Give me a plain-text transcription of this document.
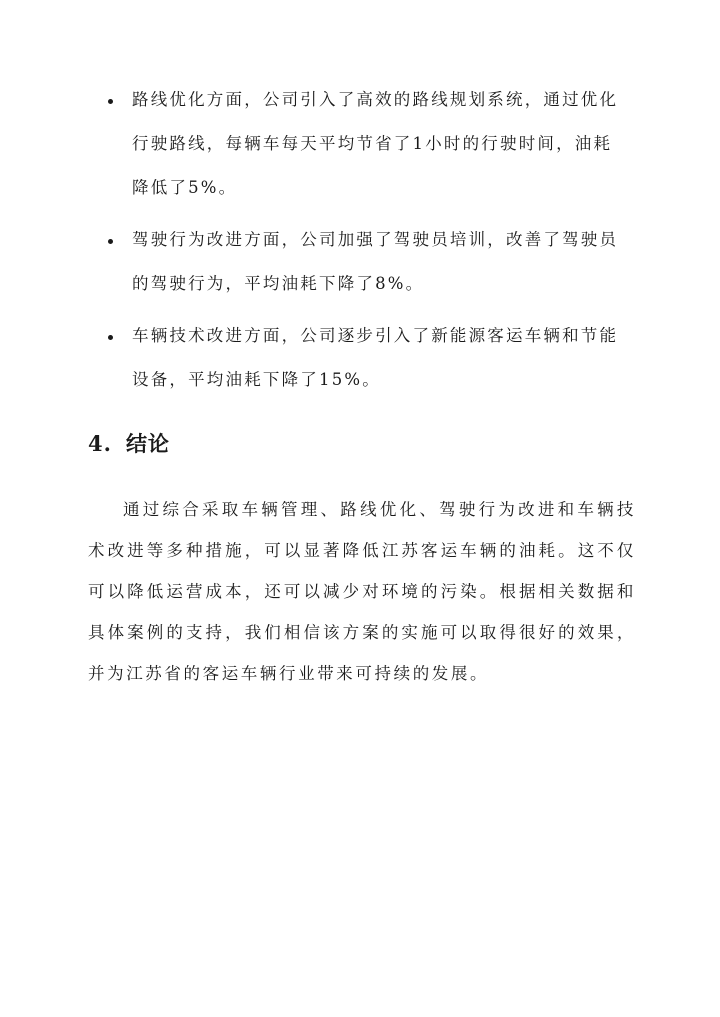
路线优化方面，公司引入了高效的路线规划系统，通过优化行驶路线，每辆车每天平均节省了1小时的行驶时间，油耗降低了5%。
驾驶行为改进方面，公司加强了驾驶员培训，改善了驾驶员的驾驶行为，平均油耗下降了8%。
车辆技术改进方面，公司逐步引入了新能源客运车辆和节能设备，平均油耗下降了15%。
4. 结论

通过综合采取车辆管理、路线优化、驾驶行为改进和车辆技术改进等多种措施，可以显著降低江苏客运车辆的油耗。这不仅可以降低运营成本，还可以减少对环境的污染。根据相关数据和具体案例的支持，我们相信该方案的实施可以取得很好的效果，并为江苏省的客运车辆行业带来可持续的发展。
